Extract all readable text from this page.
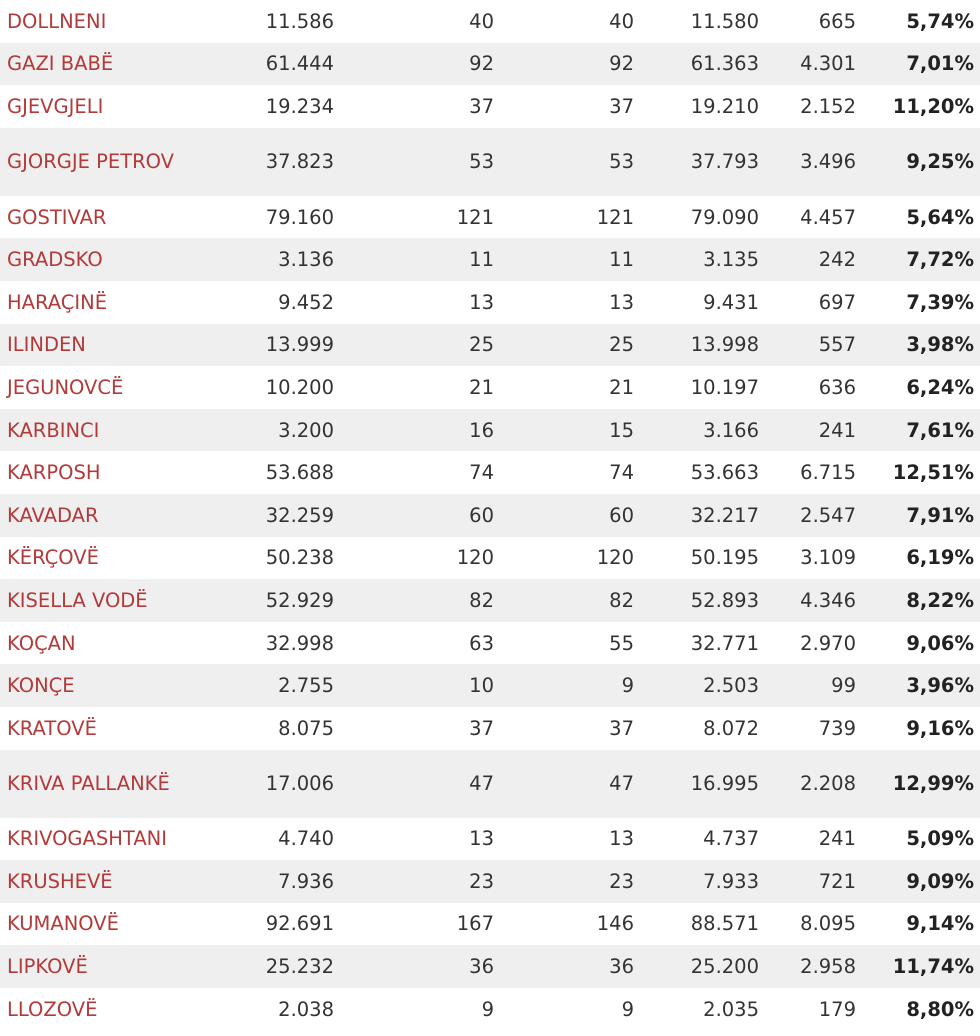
DOLLNENI	11.586	40	40	11.580	665	5,74%
GAZI BABË	61.444	92	92	61.363	4.301	7,01%
GJEVGJELI	19.234	37	37	19.210	2.152	11,20%
GJORGJE PETROV	37.823	53	53	37.793	3.496	9,25%
GOSTIVAR	79.160	121	121	79.090	4.457	5,64%
GRADSKO	3.136	11	11	3.135	242	7,72%
HARAÇINË	9.452	13	13	9.431	697	7,39%
ILINDEN	13.999	25	25	13.998	557	3,98%
JEGUNOVCË	10.200	21	21	10.197	636	6,24%
KARBINCI	3.200	16	15	3.166	241	7,61%
KARPOSH	53.688	74	74	53.663	6.715	12,51%
KAVADAR	32.259	60	60	32.217	2.547	7,91%
KËRÇOVË	50.238	120	120	50.195	3.109	6,19%
KISELLA VODË	52.929	82	82	52.893	4.346	8,22%
KOÇAN	32.998	63	55	32.771	2.970	9,06%
KONÇE	2.755	10	9	2.503	99	3,96%
KRATOVË	8.075	37	37	8.072	739	9,16%
KRIVA PALLANKË	17.006	47	47	16.995	2.208	12,99%
KRIVOGASHTANI	4.740	13	13	4.737	241	5,09%
KRUSHEVË	7.936	23	23	7.933	721	9,09%
KUMANOVË	92.691	167	146	88.571	8.095	9,14%
LIPKOVË	25.232	36	36	25.200	2.958	11,74%
LLOZOVË	2.038	9	9	2.035	179	8,80%
